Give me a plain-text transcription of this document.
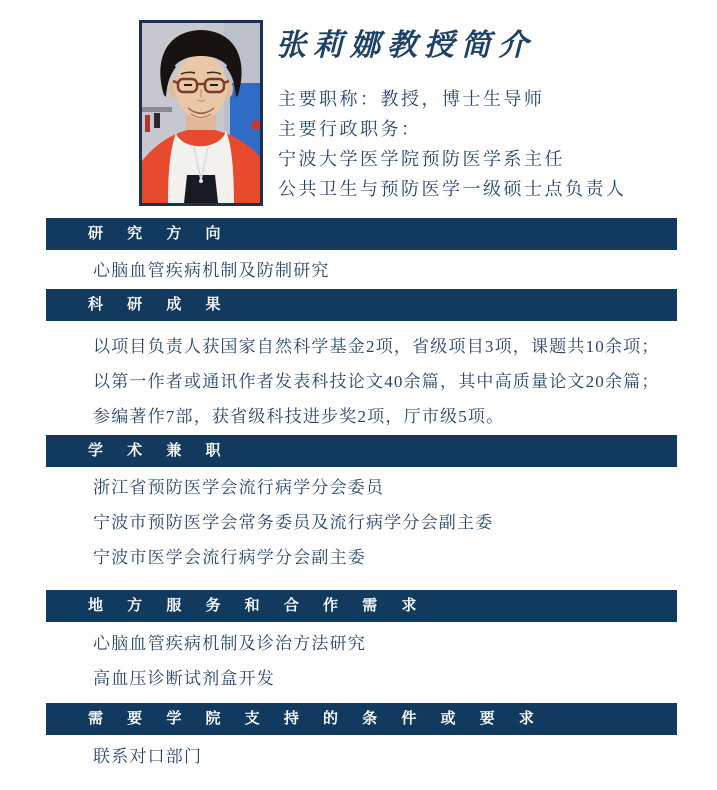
张莉娜教授简介
主要职称：教授，博士生导师
主要行政职务：
宁波大学医学院预防医学系主任
公共卫生与预防医学一级硕士点负责人
研 究 方 向
心脑血管疾病机制及防制研究
科 研 成 果
以项目负责人获国家自然科学基金2项，省级项目3项，课题共10余项；
以第一作者或通讯作者发表科技论文40余篇，其中高质量论文20余篇；
参编著作7部，获省级科技进步奖2项，厅市级5项。
学 术 兼 职
浙江省预防医学会流行病学分会委员
宁波市预防医学会常务委员及流行病学分会副主委
宁波市医学会流行病学分会副主委
地 方 服 务 和 合 作 需 求
心脑血管疾病机制及诊治方法研究
高血压诊断试剂盒开发
需 要 学 院 支 持 的 条 件 或 要 求
联系对口部门
